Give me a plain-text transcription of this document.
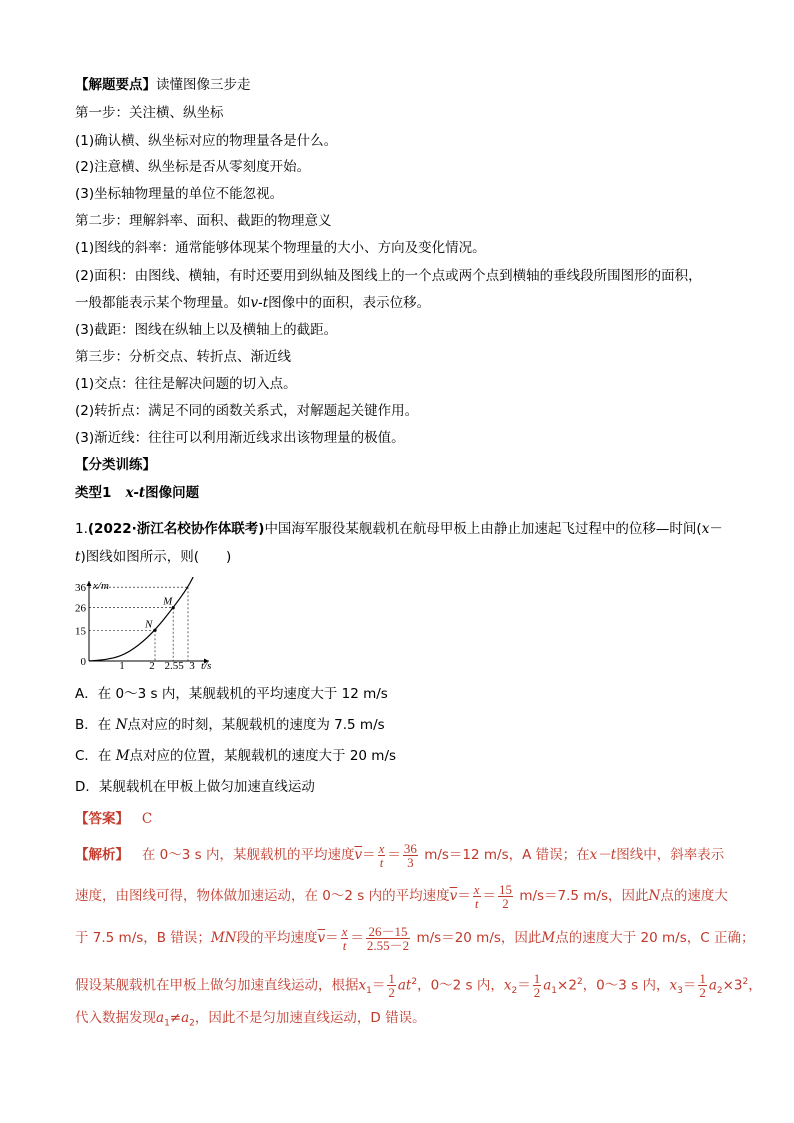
【解题要点】读懂图像三步走
第一步：关注横、纵坐标
(1)确认横、纵坐标对应的物理量各是什么。
(2)注意横、纵坐标是否从零刻度开始。
(3)坐标轴物理量的单位不能忽视。
第二步：理解斜率、面积、截距的物理意义
(1)图线的斜率：通常能够体现某个物理量的大小、方向及变化情况。
(2)面积：由图线、横轴，有时还要用到纵轴及图线上的一个点或两个点到横轴的垂线段所围图形的面积，
一般都能表示某个物理量。如v-t图像中的面积，表示位移。
(3)截距：图线在纵轴上以及横轴上的截距。
第三步：分析交点、转折点、渐近线
(1)交点：往往是解决问题的切入点。
(2)转折点：满足不同的函数关系式，对解题起关键作用。
(3)渐近线：往往可以利用渐近线求出该物理量的极值。
【分类训练】
类型1 x-t图像问题
1.(2022·浙江名校协作体联考)中国海军服役某舰载机在航母甲板上由静止加速起飞过程中的位移—时间(x－
t)图线如图所示，则(　　)
x/m
t/s
1 2 2.55 3
0
15
26
36
N
M
A．在 0～3 s 内，某舰载机的平均速度大于 12 m/s
B．在 N点对应的时刻，某舰载机的速度为 7.5 m/s
C．在 M点对应的位置，某舰载机的速度大于 20 m/s
D．某舰载机在甲板上做匀加速直线运动
【答案】 C
【解析】 在 0～3 s 内，某舰载机的平均速度$\overline{v}= \frac{x}{t} = \frac{36}{3} m/s=12$ m/s，A 错误；在x－t图线中，斜率表示
速度，由图线可得，物体做加速运动，在 0～2 s 内的平均速度$\overline{v}= \frac{x}{t} = \frac{15}{2} m/s=7.5$ m/s，因此N点的速度大
于 7.5 m/s，B 错误；MN段的平均速度$\overline{v}= \frac{x}{t} = \frac{26-15}{2.55-2} m/s=20$ m/s，因此M点的速度大于 20 m/s，C 正确；
假设某舰载机在甲板上做匀加速直线运动，根据$x_1= \frac{1}{2} at^2$，0～2 s 内，$x_2= \frac{1}{2} a_1\times 2^2$，0～3 s 内，$x_3= \frac{1}{2} a_2\times 3^2$，
代入数据发现$a_1\ne a_2$，因此不是匀加速直线运动，D 错误。
